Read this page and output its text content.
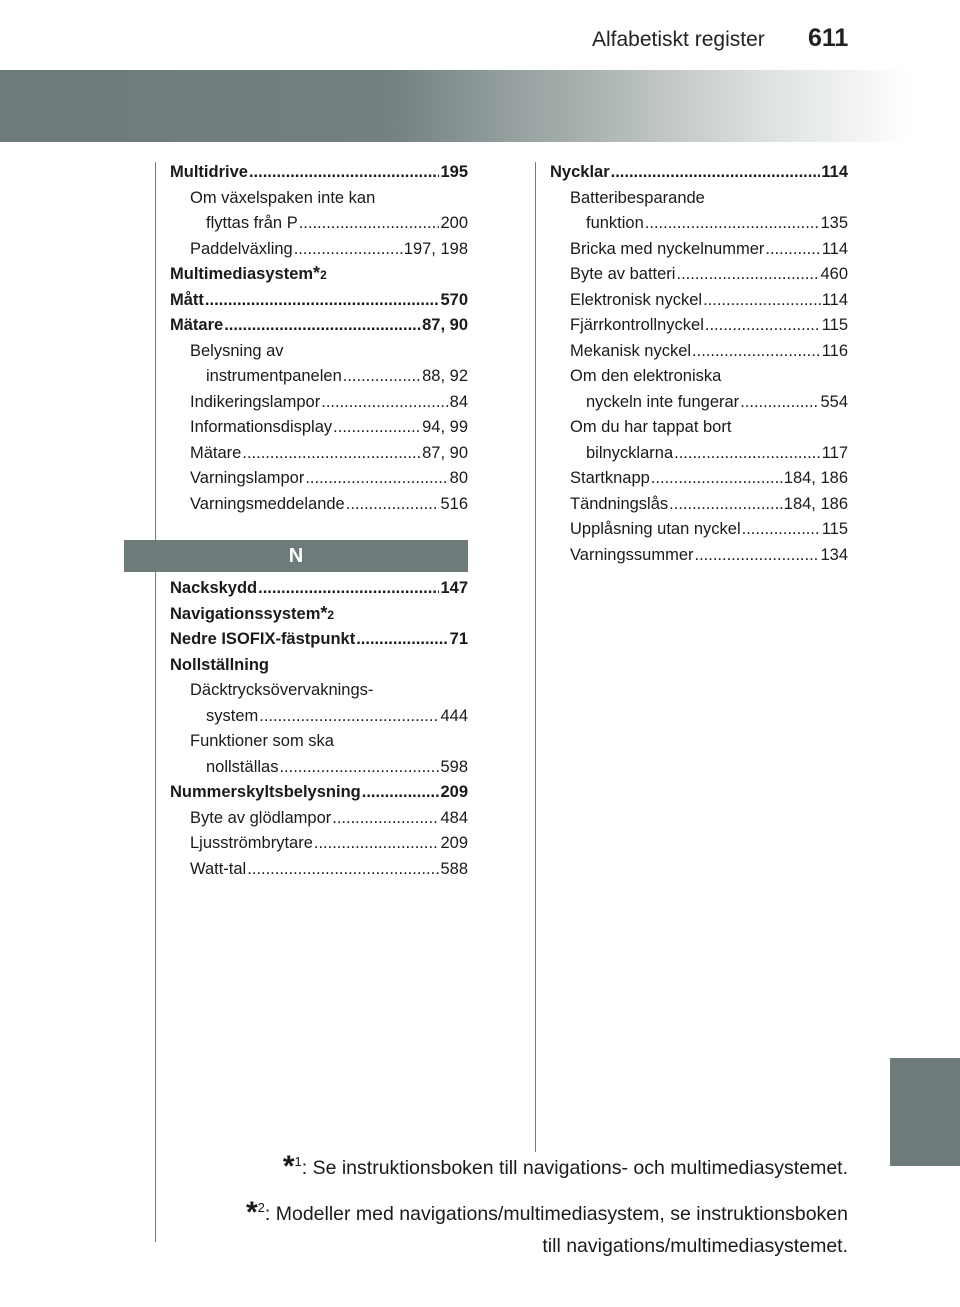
Alfabetiskt register 611
Multidrive .....	195
Om växelspaken inte kan
flyttas från P .....	200
Paddelväxling .....	197, 198
Multimediasystem *2
Mått .....	570
Mätare .....	87, 90
Belysning av
instrumentpanelen .....	88, 92
Indikeringslampor .....	84
Informationsdisplay .....	94, 99
Mätare .....	87, 90
Varningslampor .....	80
Varningsmeddelande .....	516
N
Nackskydd .....	147
Navigationssystem *2
Nedre ISOFIX-fästpunkt .....	71
Nollställning
Däcktrycksövervaknings-
system .....	444
Funktioner som ska
nollställas .....	598
Nummerskyltsbelysning .....	209
Byte av glödlampor .....	484
Ljusströmbrytare .....	209
Watt-tal .....	588
Nycklar .....	114
Batteribesparande
funktion .....	135
Bricka med nyckelnummer .....	114
Byte av batteri .....	460
Elektronisk nyckel .....	114
Fjärrkontrollnyckel .....	115
Mekanisk nyckel .....	116
Om den elektroniska
nyckeln inte fungerar .....	554
Om du har tappat bort
bilnycklarna .....	117
Startknapp .....	184, 186
Tändningslås .....	184, 186
Upplåsning utan nyckel .....	115
Varningssummer .....	134
*$^1$: Se instruktionsboken till navigations- och multimediasystemet.
*$^2$: Modeller med navigations/multimediasystem, se instruktionsboken
till navigations/multimediasystemet.
